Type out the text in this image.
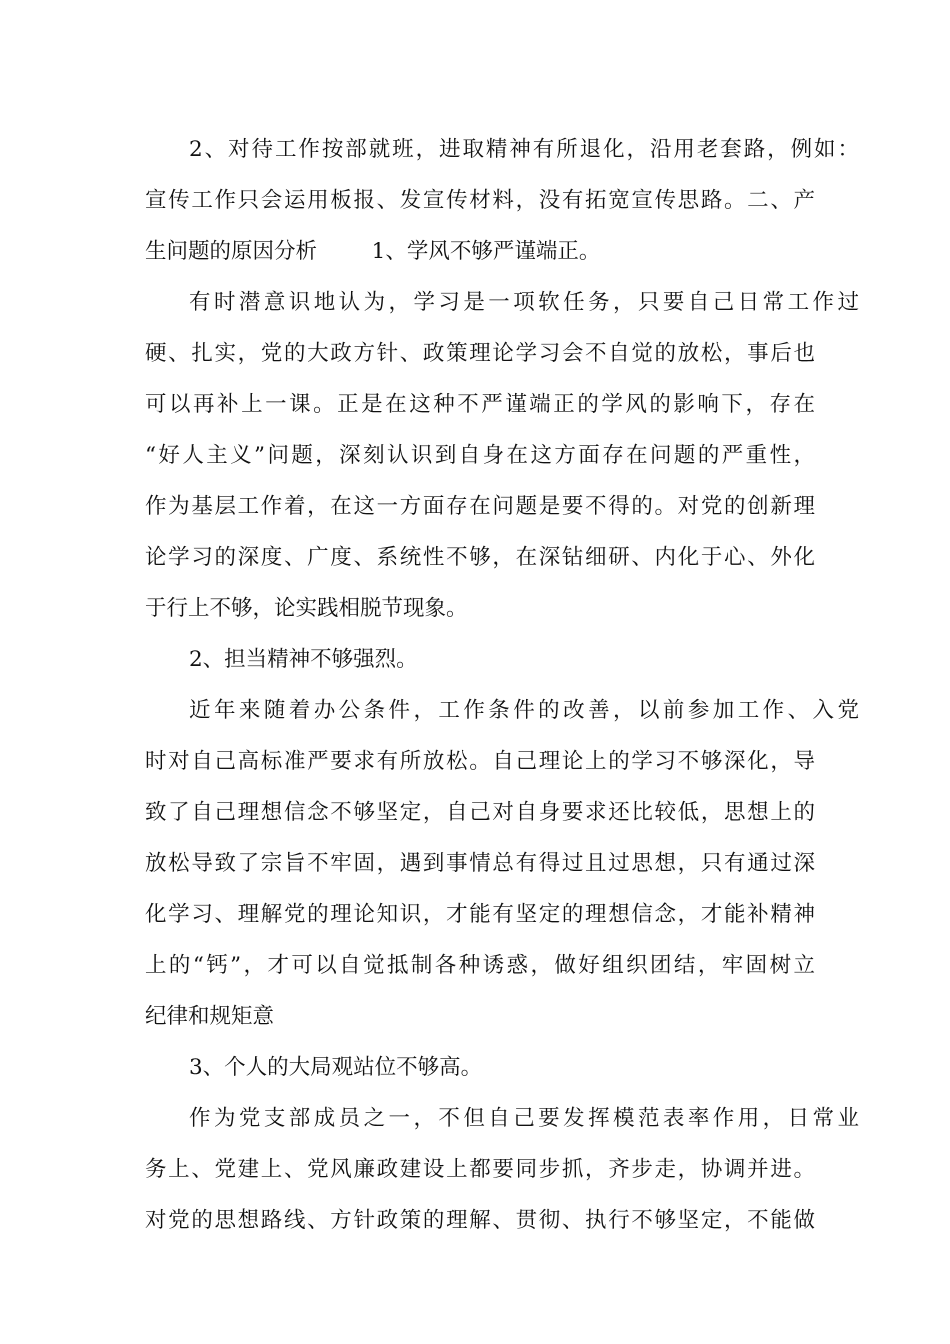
2、对待工作按部就班，进取精神有所退化，沿用老套路，例如：

宣传工作只会运用板报、发宣传材料，没有拓宽宣传思路。二、产

生问题的原因分析        1、学风不够严谨端正。

有时潜意识地认为，学习是一项软任务，只要自己日常工作过

硬、扎实，党的大政方针、政策理论学习会不自觉的放松，事后也

可以再补上一课。正是在这种不严谨端正的学风的影响下，存在

“好人主义”问题，深刻认识到自身在这方面存在问题的严重性，

作为基层工作着，在这一方面存在问题是要不得的。对党的创新理

论学习的深度、广度、系统性不够，在深钻细研、内化于心、外化

于行上不够，论实践相脱节现象。

2、担当精神不够强烈。

近年来随着办公条件，工作条件的改善，以前参加工作、入党

时对自己高标准严要求有所放松。自己理论上的学习不够深化，导

致了自己理想信念不够坚定，自己对自身要求还比较低，思想上的

放松导致了宗旨不牢固，遇到事情总有得过且过思想，只有通过深

化学习、理解党的理论知识，才能有坚定的理想信念，才能补精神

上的“钙”，才可以自觉抵制各种诱惑，做好组织团结，牢固树立

纪律和规矩意

3、个人的大局观站位不够高。

作为党支部成员之一，不但自己要发挥模范表率作用，日常业

务上、党建上、党风廉政建设上都要同步抓，齐步走，协调并进。

对党的思想路线、方针政策的理解、贯彻、执行不够坚定，不能做
